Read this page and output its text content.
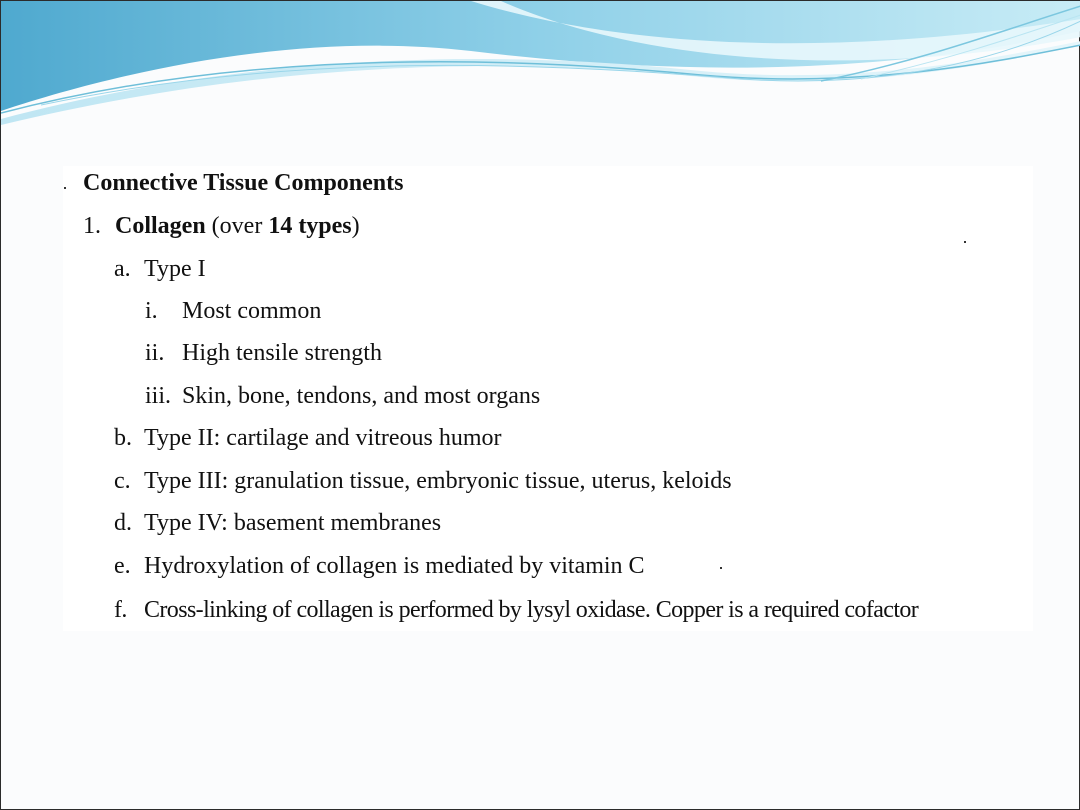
Connective Tissue Components
1. Collagen (over 14 types)
a. Type I
i. Most common
ii. High tensile strength
iii. Skin, bone, tendons, and most organs
b. Type II: cartilage and vitreous humor
c. Type III: granulation tissue, embryonic tissue, uterus, keloids
d. Type IV: basement membranes
e. Hydroxylation of collagen is mediated by vitamin C
f. Cross-linking of collagen is performed by lysyl oxidase. Copper is a required cofactor
